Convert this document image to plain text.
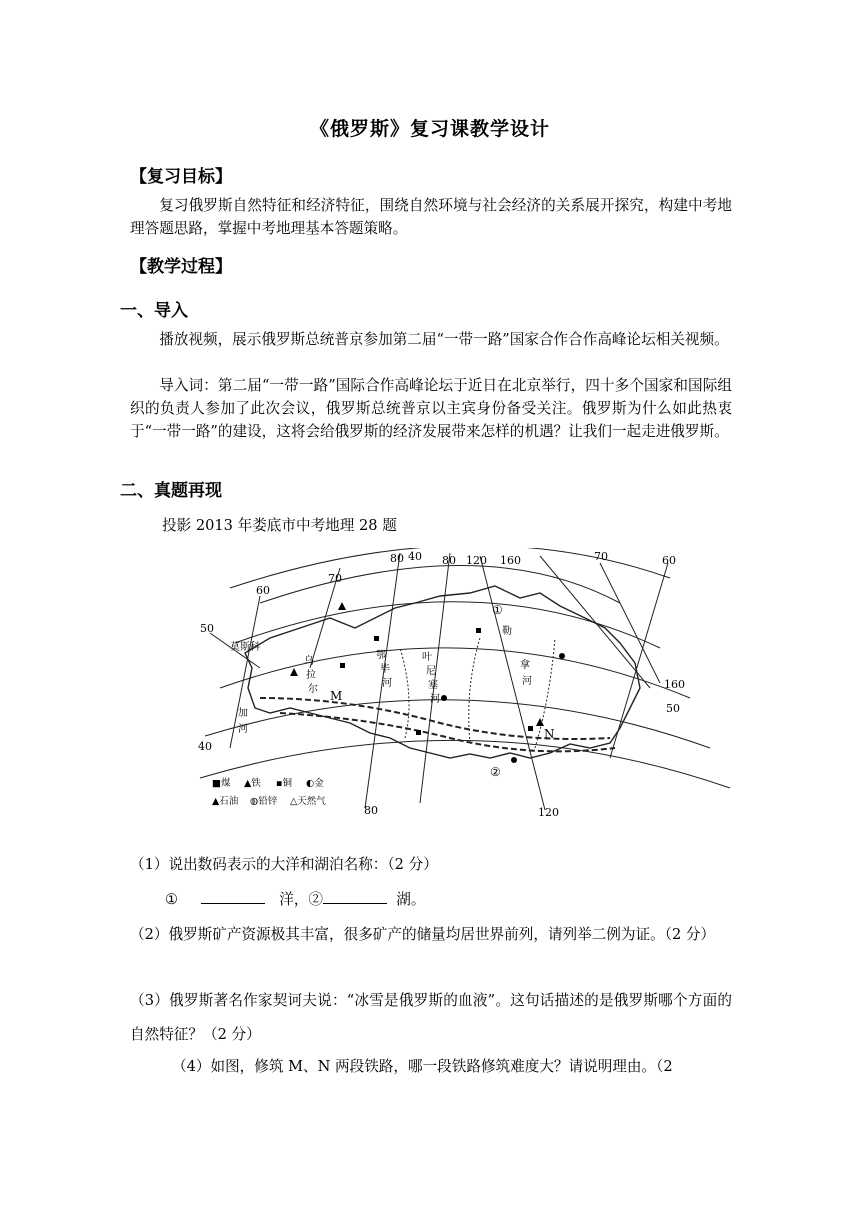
《俄罗斯》复习课教学设计
【复习目标】
复习俄罗斯自然特征和经济特征，围绕自然环境与社会经济的关系展开探究，构建中考地理答题思路，掌握中考地理基本答题策略。
【教学过程】
一、导入
播放视频，展示俄罗斯总统普京参加第二届“一带一路”国家合作合作高峰论坛相关视频。
导入词：第二届“一带一路”国际合作高峰论坛于近日在北京举行，四十多个国家和国际组织的负责人参加了此次会议，俄罗斯总统普京以主宾身份备受关注。俄罗斯为什么如此热衷于“一带一路”的建设，这将会给俄罗斯的经济发展带来怎样的机遇？让我们一起走进俄罗斯。
二、真题再现
投影 2013 年娄底市中考地理 28 题
80 40 80 120 160	70	60
70
60
50
40
160
50
80	120
①
②
M
N
莫斯科
乌
拉
尔
加
河
叶
尼
塞
河
勒
拿
河
鄂
毕
河
■煤 ▲铁 ▪铜 ◐金
▲石油 ◍铅锌 △天然气
（1）说出数码表示的大洋和湖泊名称：（2 分）
①	洋，②	湖。
（2）俄罗斯矿产资源极其丰富，很多矿产的储量均居世界前列，请列举二例为证。（2 分）
（3）俄罗斯著名作家契诃夫说：“冰雪是俄罗斯的血液”。这句话描述的是俄罗斯哪个方面的自然特征？（2 分）
（4）如图，修筑 M、N 两段铁路，哪一段铁路修筑难度大？请说明理由。（2
